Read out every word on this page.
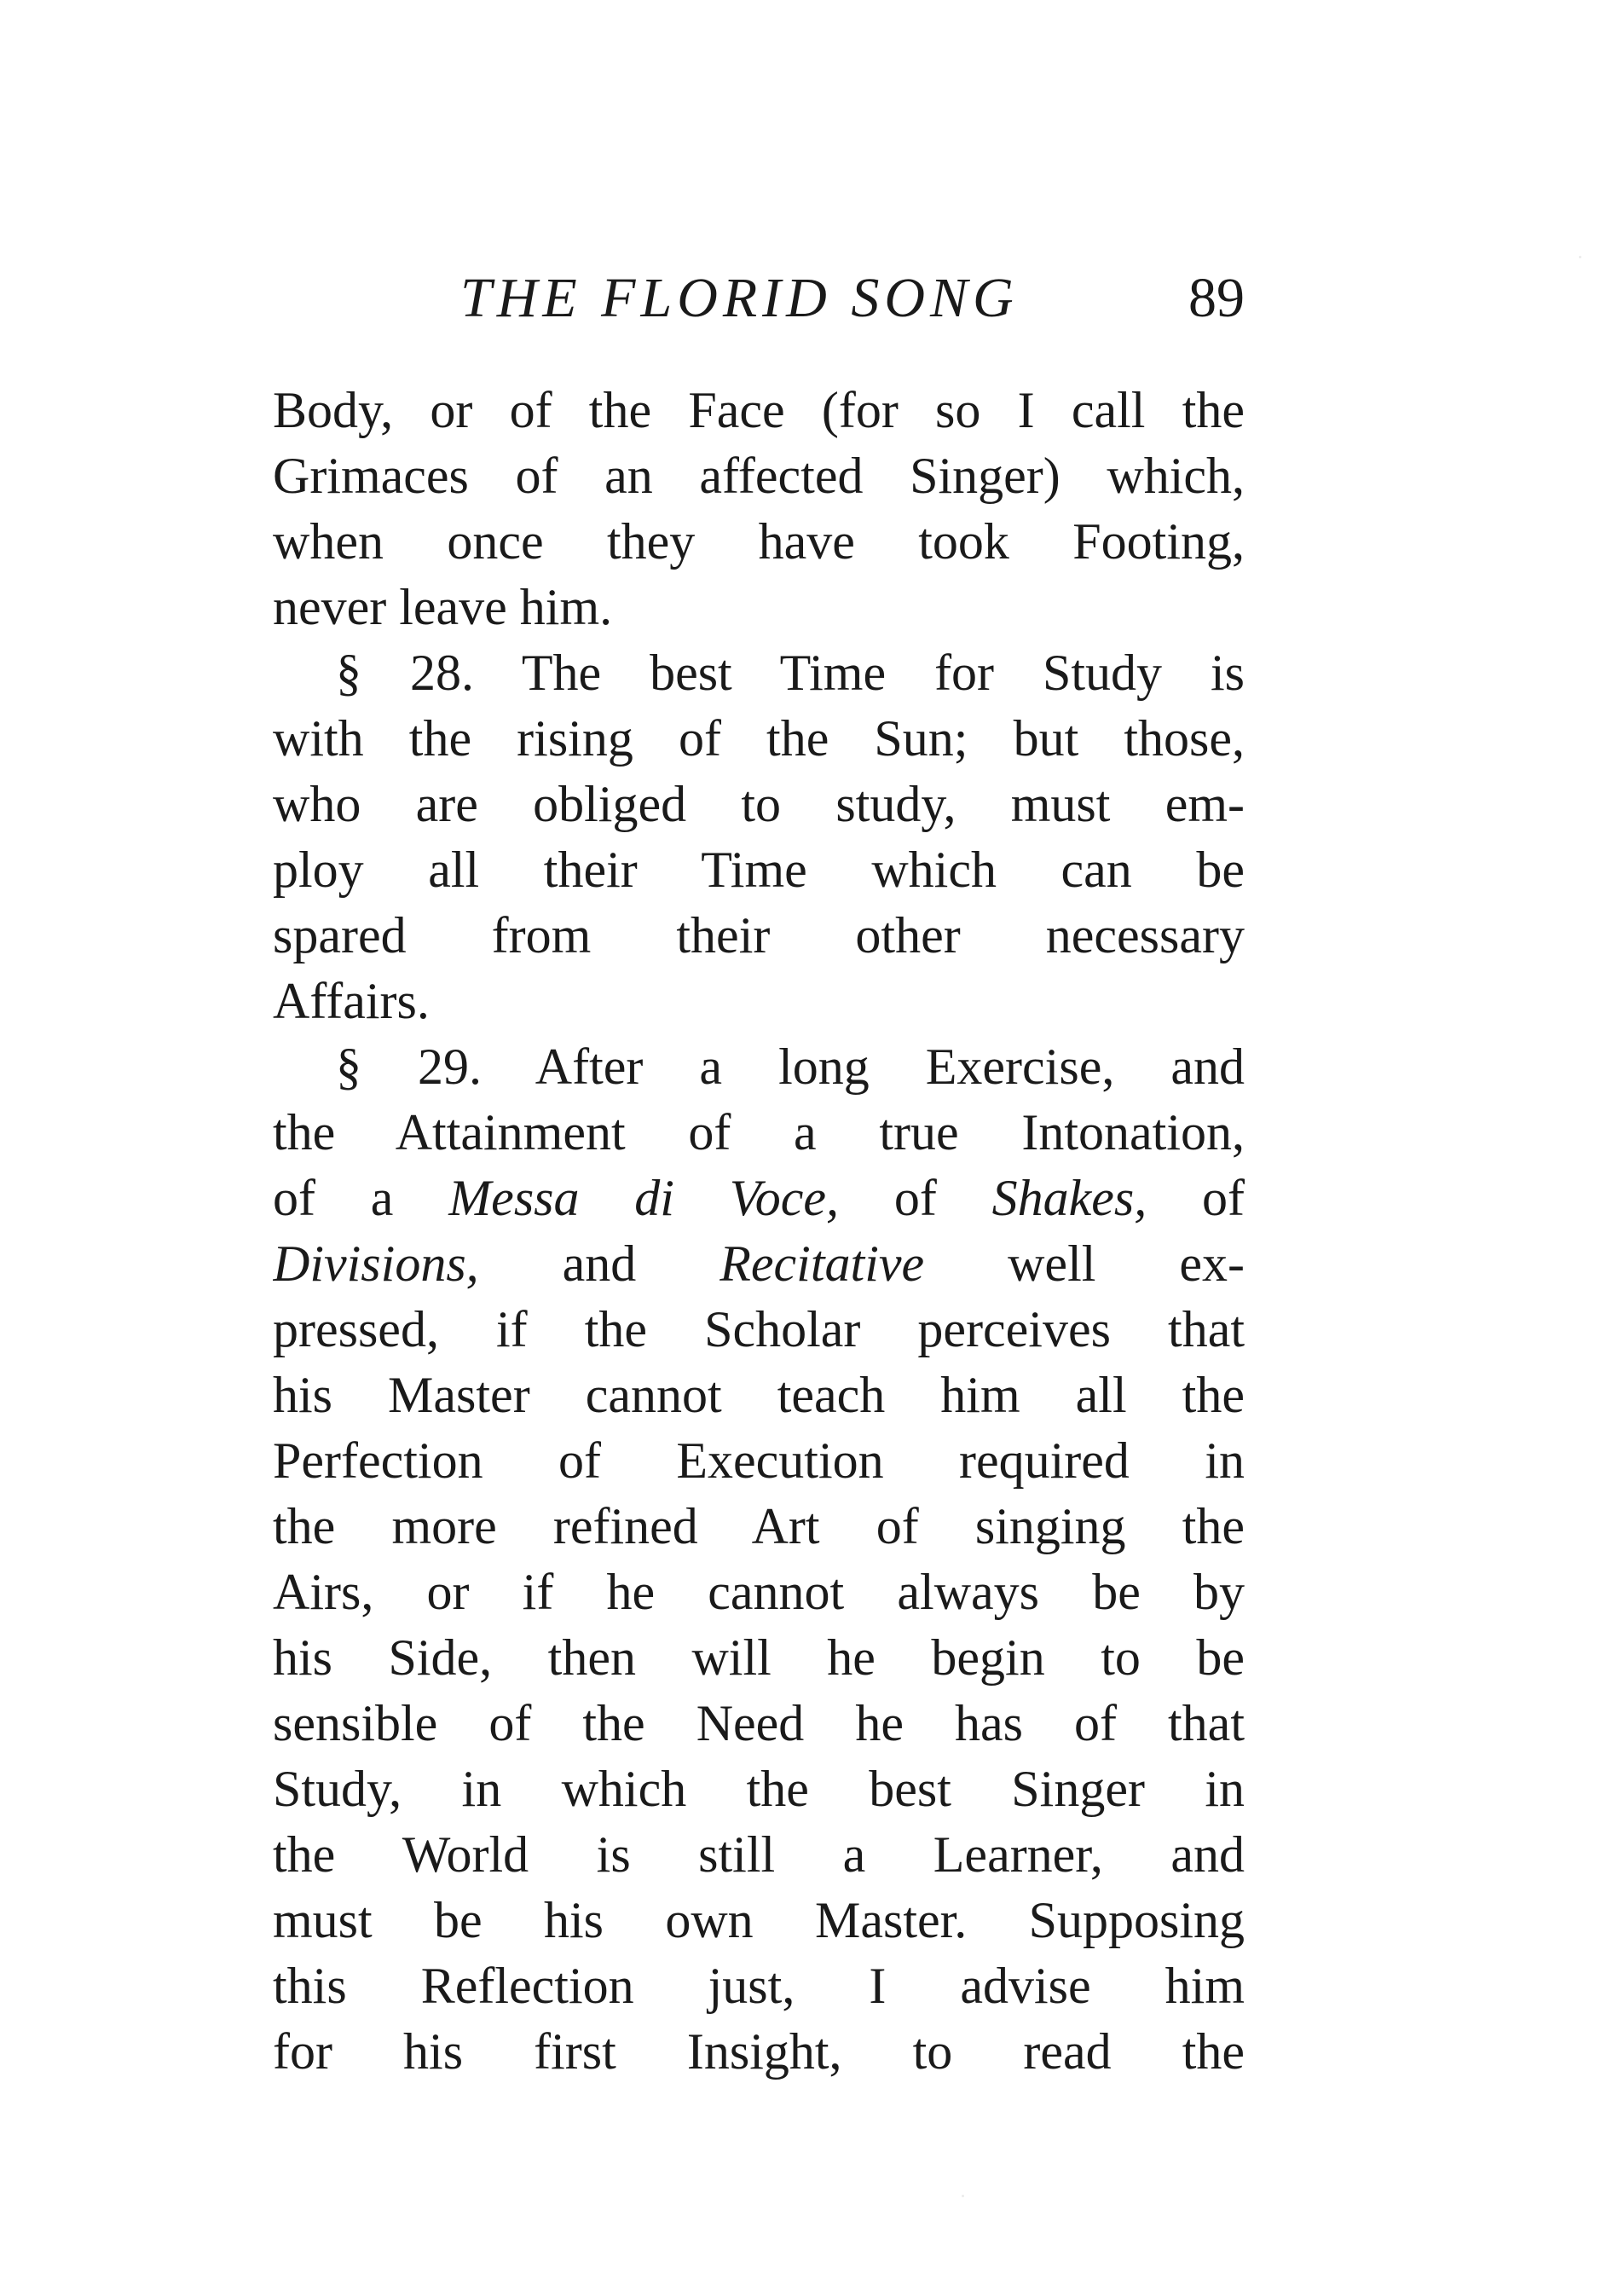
THE FLORID SONG	89
Body, or of the Face (for so I call the
Grimaces of an affected Singer) which,
when once they have took Footing,
never leave him.
§ 28. The best Time for Study is
with the rising of the Sun; but those,
who are obliged to study, must em-
ploy all their Time which can be
spared from their other necessary
Affairs.
§ 29. After a long Exercise, and
the Attainment of a true Intonation,
of a Messa di Voce, of Shakes, of
Divisions, and Recitative well ex-
pressed, if the Scholar perceives that
his Master cannot teach him all the
Perfection of Execution required in
the more refined Art of singing the
Airs, or if he cannot always be by
his Side, then will he begin to be
sensible of the Need he has of that
Study, in which the best Singer in
the World is still a Learner, and
must be his own Master. Supposing
this Reflection just, I advise him
for his first Insight, to read the
